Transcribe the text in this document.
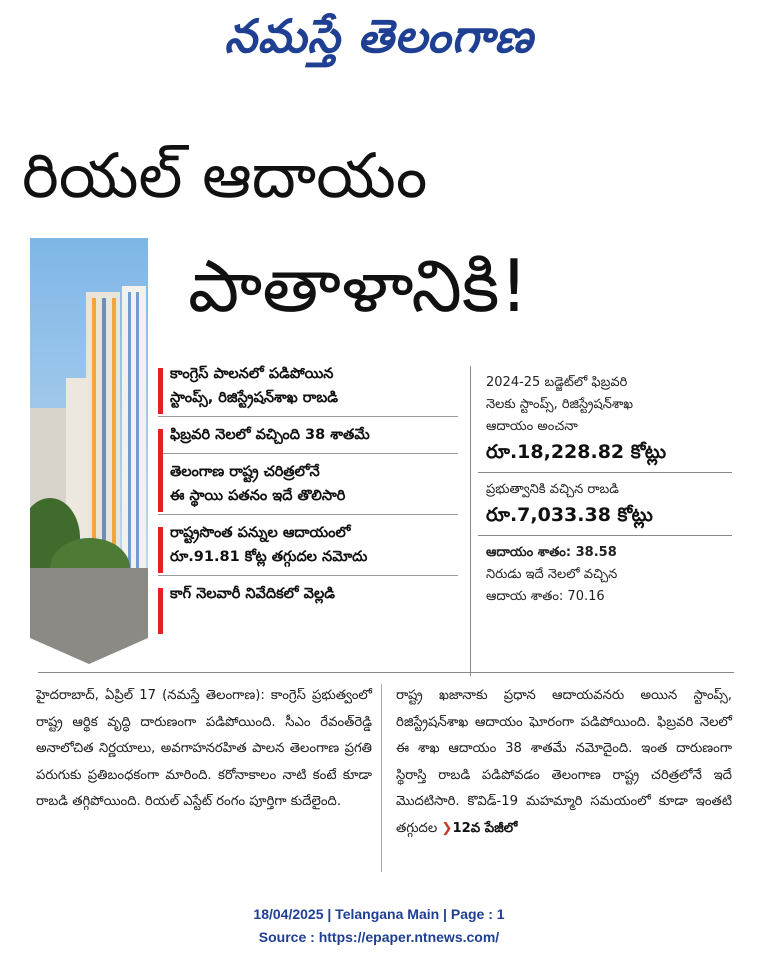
నమస్తే తెలంగాణ
రియల్ ఆదాయం
పాతాళానికి!
కాంగ్రెస్ పాలనలో పడిపోయిన
స్టాంప్స్, రిజిస్ట్రేషన్‌శాఖ రాబడి
ఫిబ్రవరి నెలలో వచ్చింది 38 శాతమే
తెలంగాణ రాష్ట్ర చరిత్రలోనే
ఈ స్థాయి పతనం ఇదే తొలిసారి
రాష్ట్రసొంత పన్నుల ఆదాయంలో
రూ.91.81 కోట్ల తగ్గుదల నమోదు
కాగ్ నెలవారీ నివేదికలో వెల్లడి
2024-25 బడ్జెట్‌లో ఫిబ్రవరి
నెలకు స్టాంప్స్, రిజిస్ట్రేషన్‌శాఖ
ఆదాయం అంచనా
రూ.18,228.82 కోట్లు
ప్రభుత్వానికి వచ్చిన రాబడి
రూ.7,033.38 కోట్లు
ఆదాయం శాతం: 38.58
నిరుడు ఇదే నెలలో వచ్చిన
ఆదాయ శాతం: 70.16

హైదరాబాద్, ఏప్రిల్ 17 (నమస్తే తెలంగాణ): కాంగ్రెస్ ప్రభుత్వంలో రాష్ట్ర ఆర్థిక వృద్ధి దారుణంగా పడిపోయింది. సీఎం రేవంత్‌రెడ్డి అనాలోచిత నిర్ణయాలు, అవగాహనరహిత పాలన తెలంగాణ ప్రగతి పరుగుకు ప్రతిబంధకంగా మారింది. కరోనాకాలం నాటి కంటే కూడా రాబడి తగ్గిపోయింది. రియల్ ఎస్టేట్ రంగం పూర్తిగా కుదేలైంది.

రాష్ట్ర ఖజానాకు ప్రధాన ఆదాయవనరు అయిన స్టాంప్స్, రిజిస్ట్రేషన్‌శాఖ ఆదాయం ఘోరంగా పడిపోయింది. ఫిబ్రవరి నెలలో ఈ శాఖ ఆదాయం 38 శాతమే నమోదైంది. ఇంత దారుణంగా స్థిరాస్తి రాబడి పడిపోవడం తెలంగాణ రాష్ట్ర చరిత్రలోనే ఇదే మొదటిసారి. కొవిడ్-19 మహమ్మారి సమయంలో కూడా ఇంతటి తగ్గుదల ❯12వ పేజీలో

18/04/2025 | Telangana Main | Page : 1
Source : https://epaper.ntnews.com/
